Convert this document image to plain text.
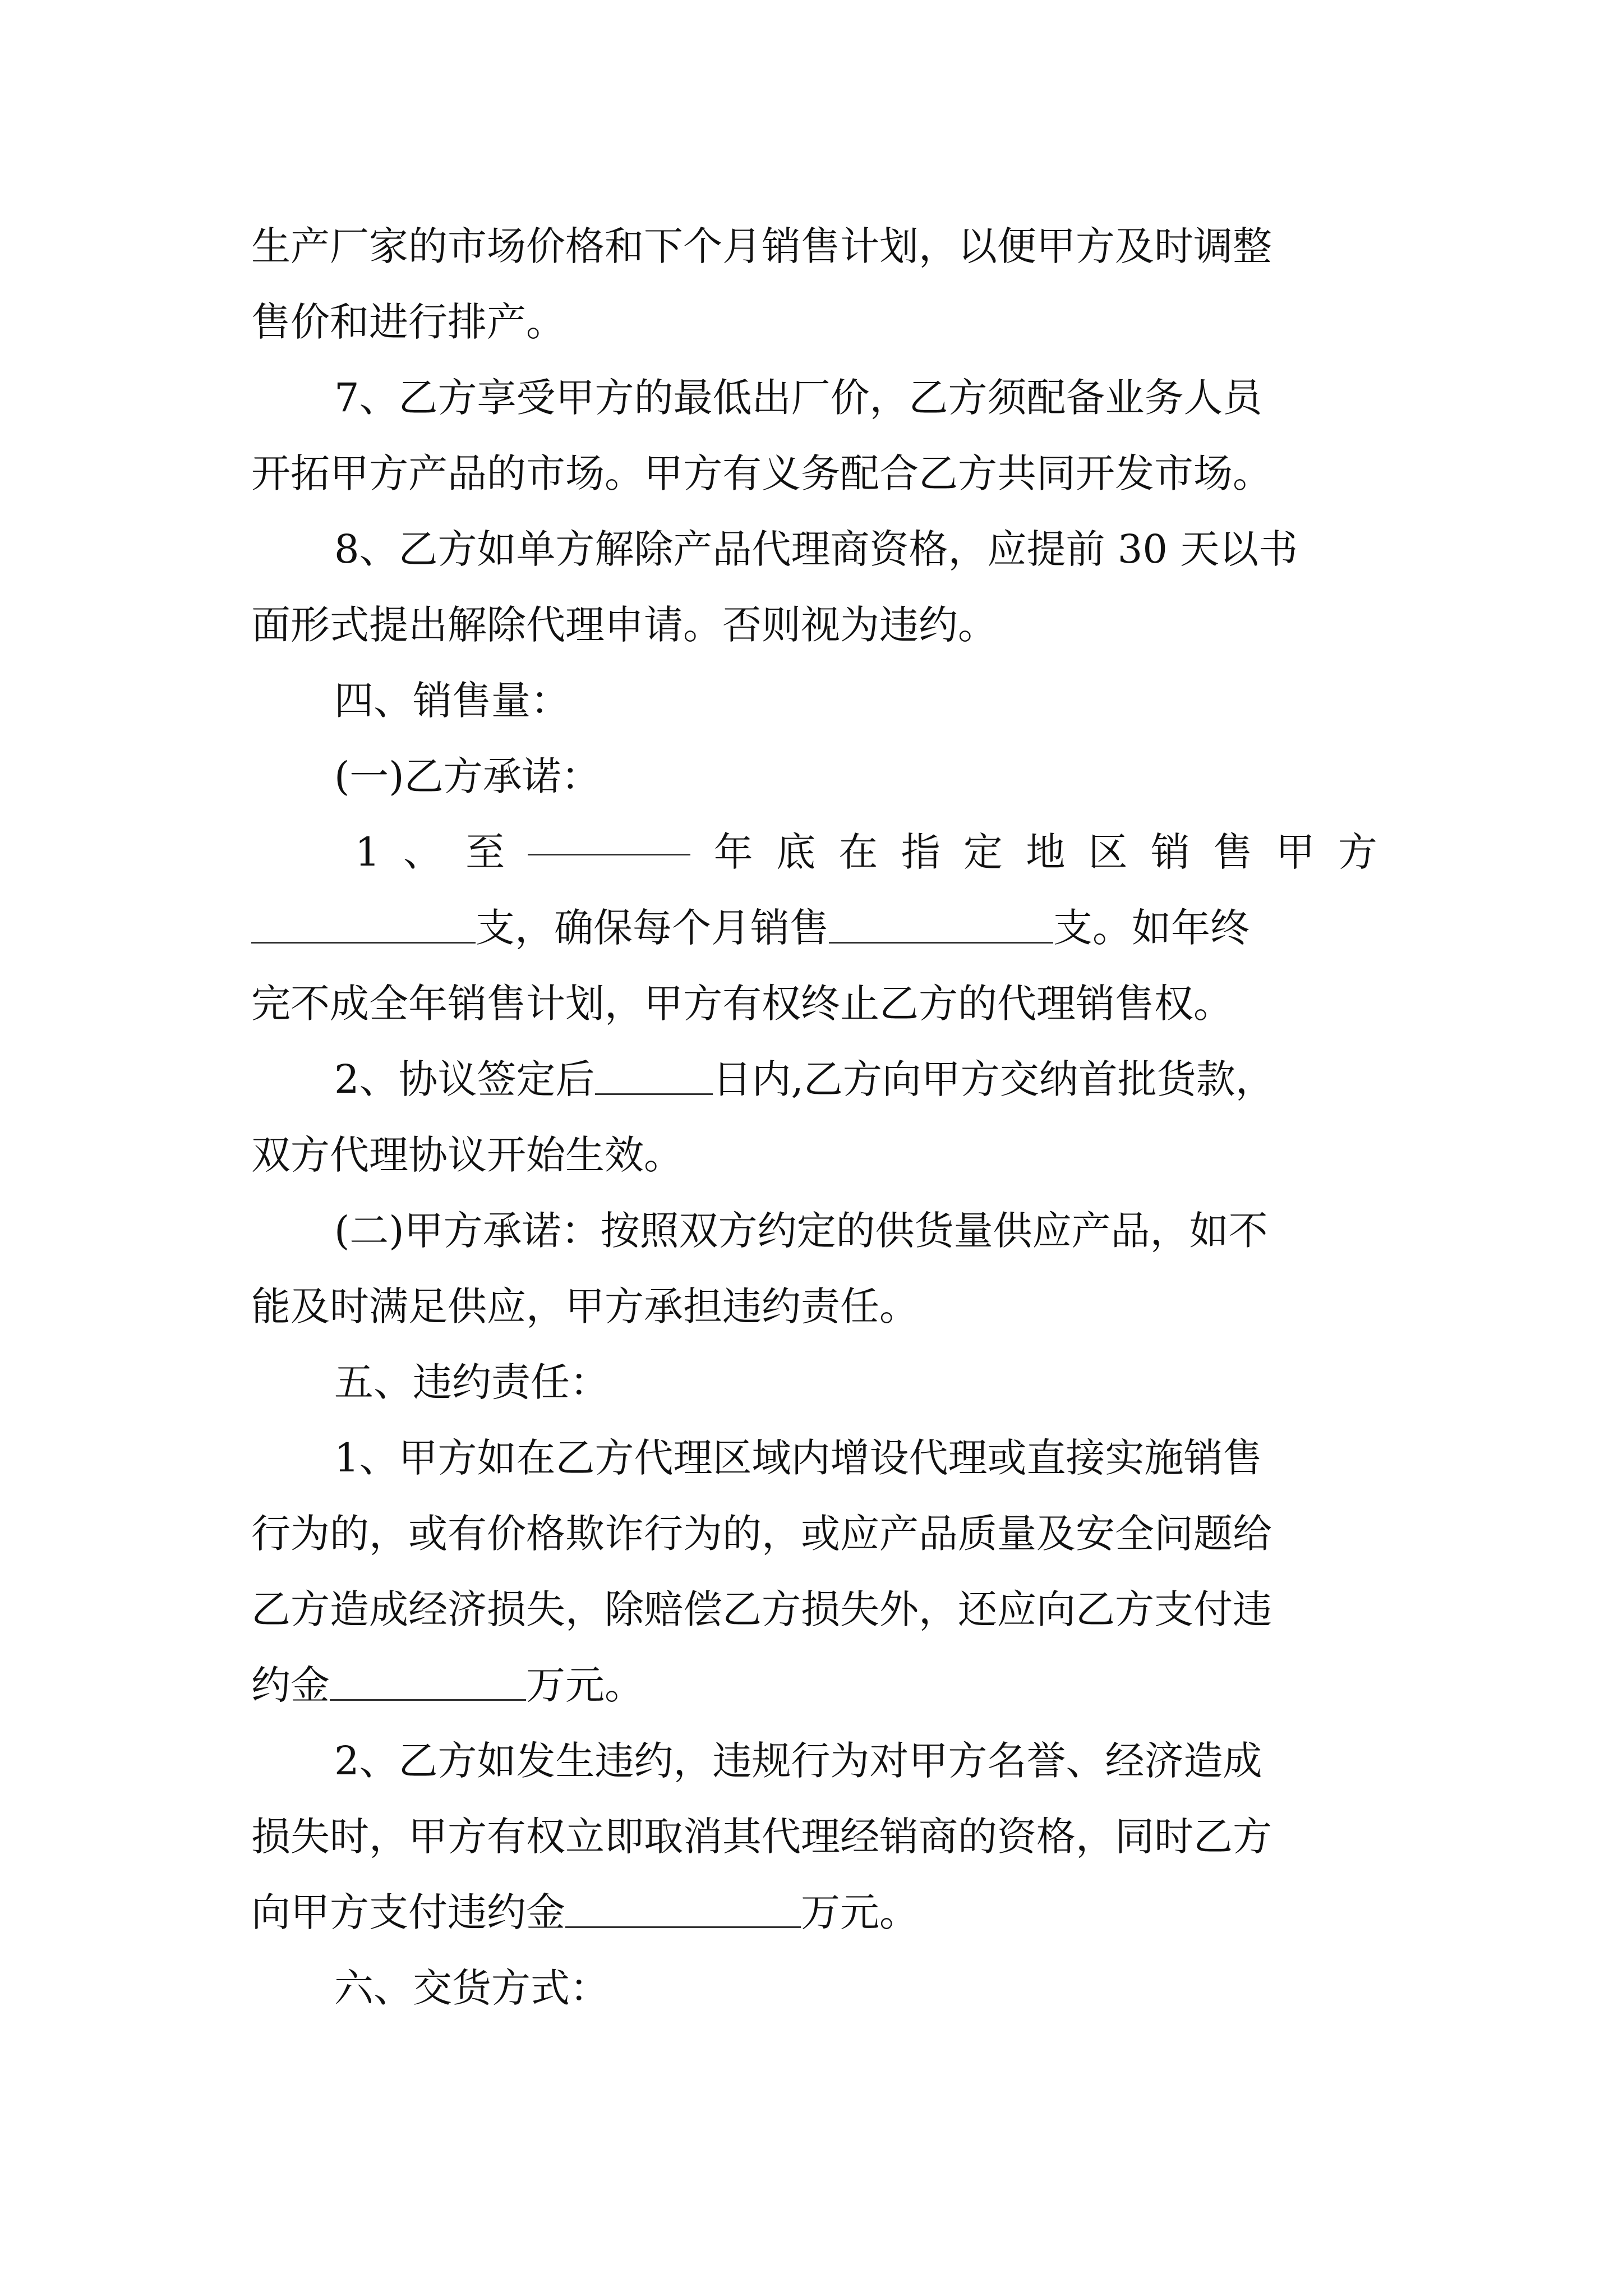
生产厂家的市场价格和下个月销售计划，以便甲方及时调整
售价和进行排产。
7、乙方享受甲方的最低出厂价，乙方须配备业务人员
开拓甲方产品的市场。甲方有义务配合乙方共同开发市场。
8、乙方如单方解除产品代理商资格，应提前 30 天以书
面形式提出解除代理申请。否则视为违约。
四、销售量：
(一)乙方承诺：
1 、 至	年 底 在 指 定 地 区 销 售 甲 方
支，确保每个月销售	支。如年终
完不成全年销售计划，甲方有权终止乙方的代理销售权。
2、协议签定后	日内,乙方向甲方交纳首批货款，
双方代理协议开始生效。
(二)甲方承诺：按照双方约定的供货量供应产品，如不
能及时满足供应，甲方承担违约责任。
五、违约责任：
1、甲方如在乙方代理区域内增设代理或直接实施销售
行为的，或有价格欺诈行为的，或应产品质量及安全问题给
乙方造成经济损失，除赔偿乙方损失外，还应向乙方支付违
约金	万元。
2、乙方如发生违约，违规行为对甲方名誉、经济造成
损失时，甲方有权立即取消其代理经销商的资格，同时乙方
向甲方支付违约金	万元。
六、交货方式：
